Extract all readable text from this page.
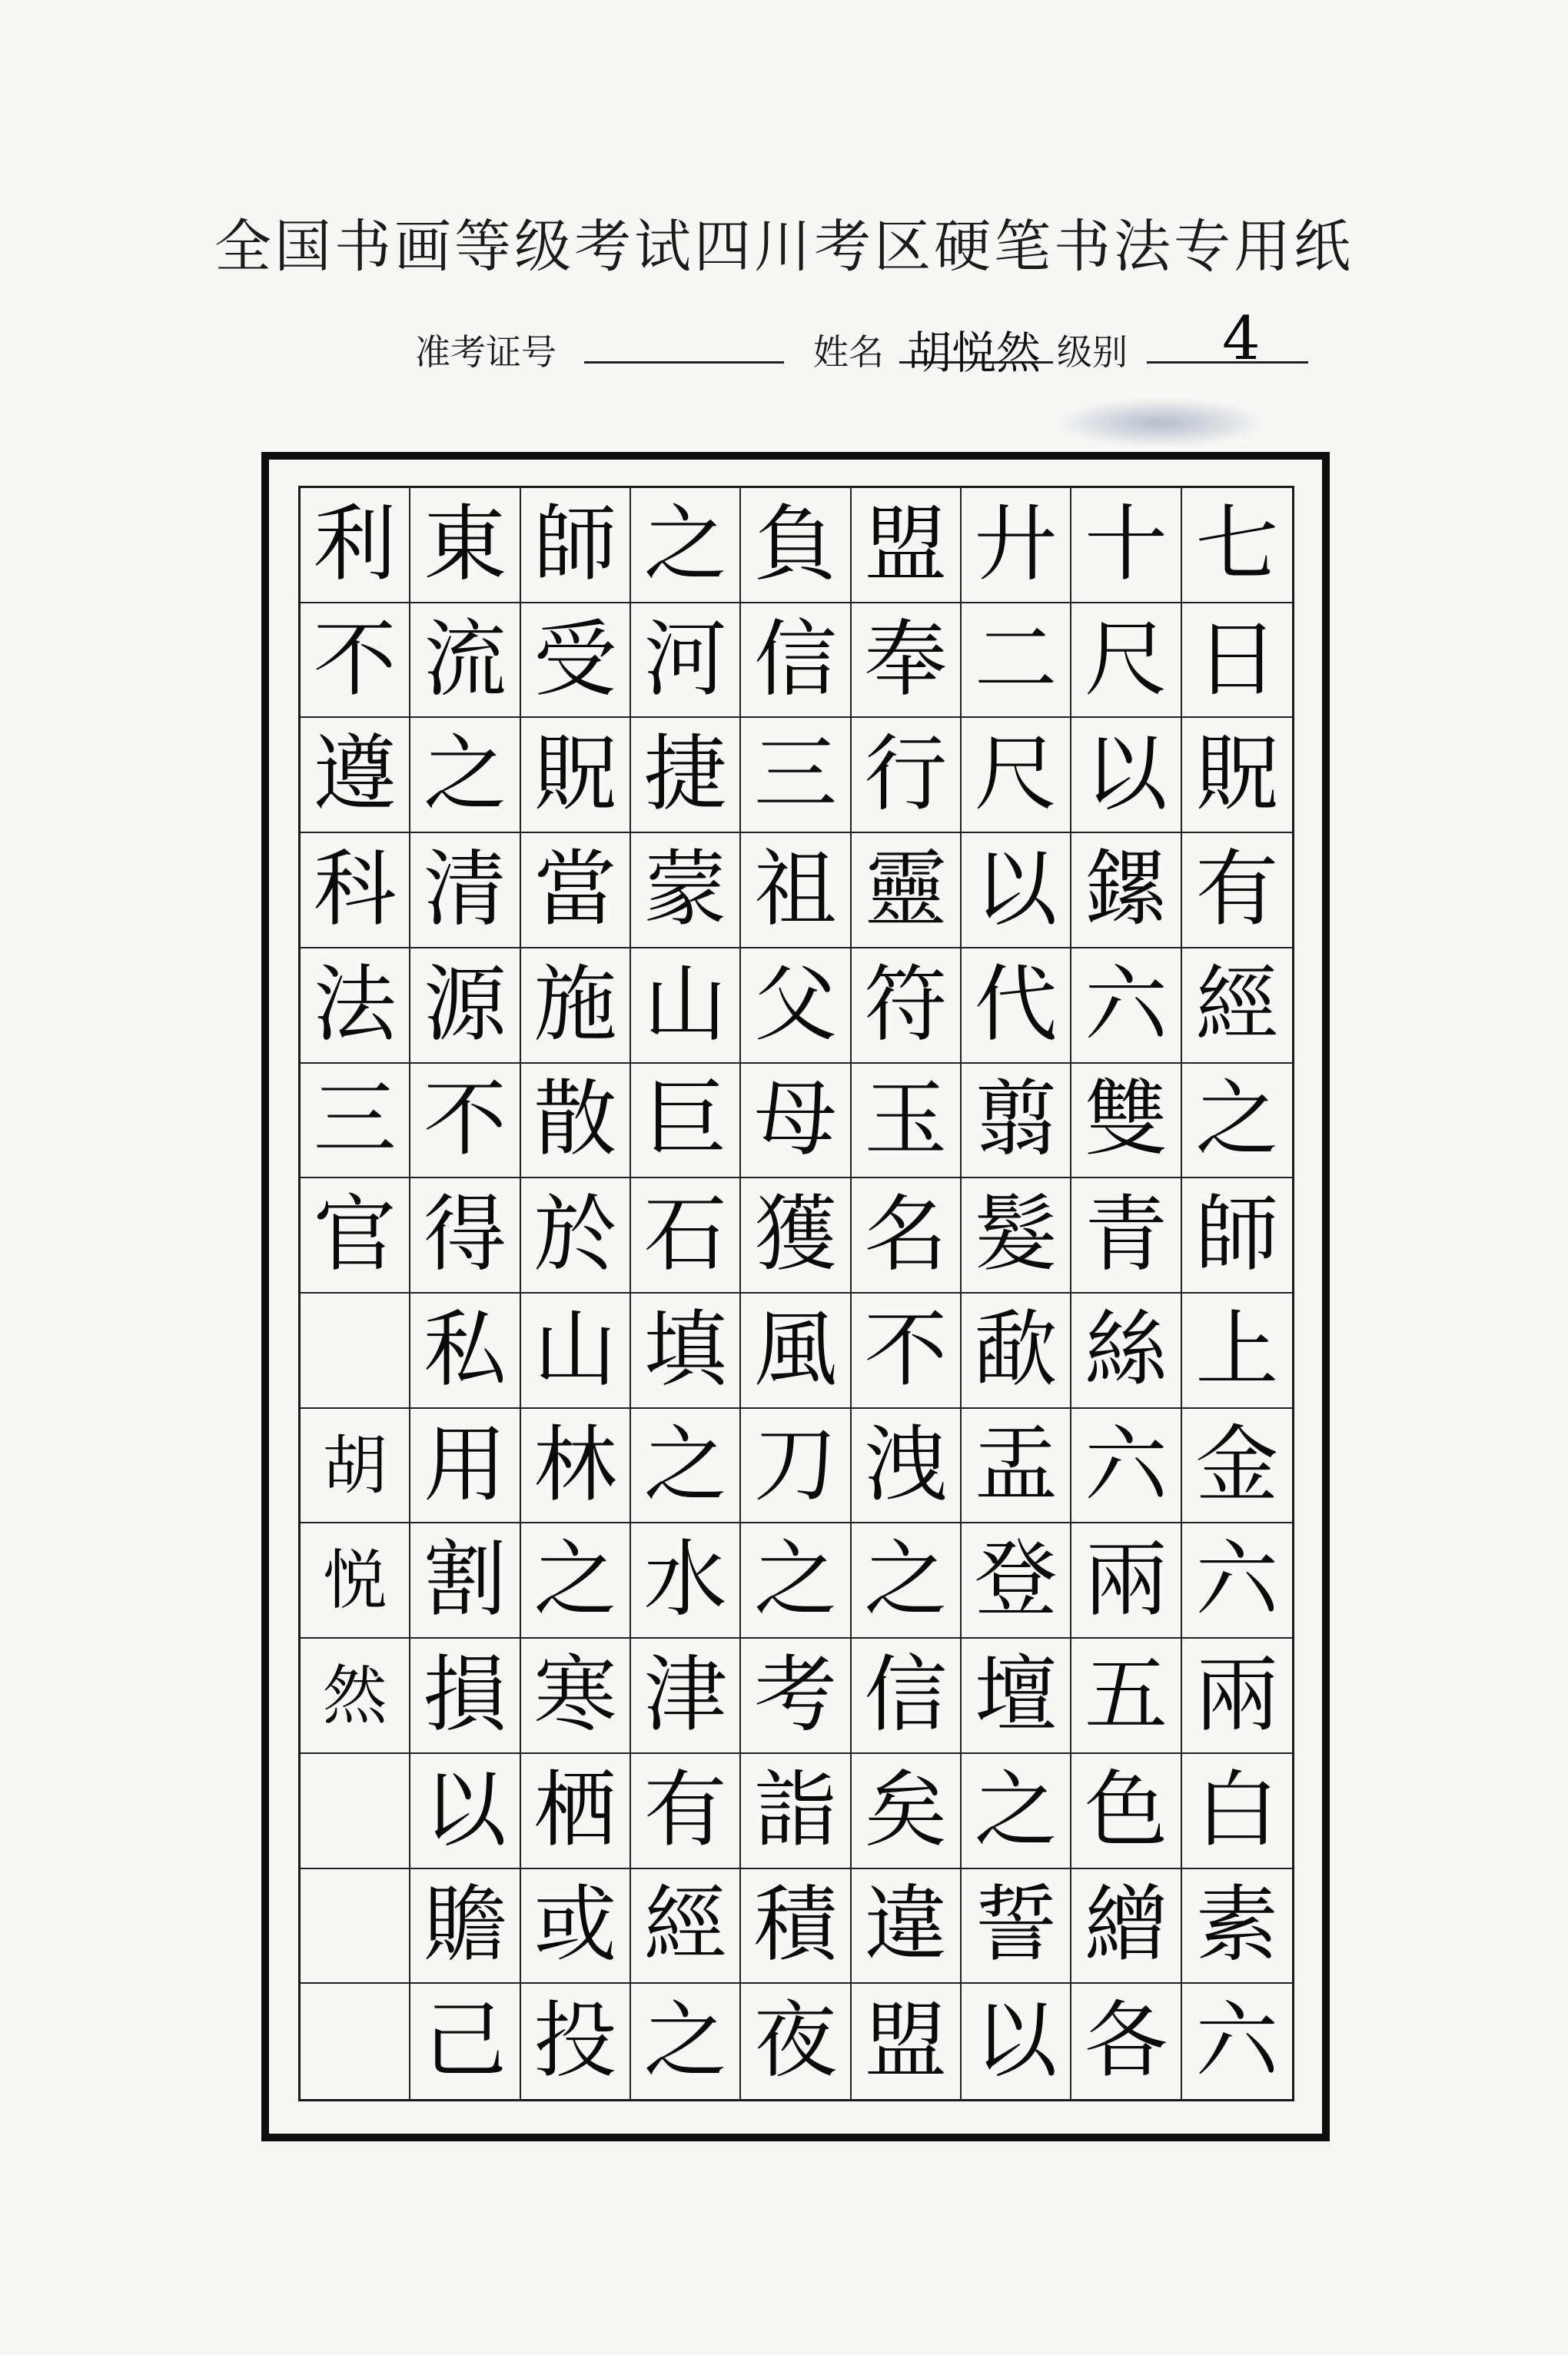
全国书画等级考试四川考区硬笔书法专用纸
准考证号	姓名 胡悦然 级别 4
利 東 師 之 負 盟 廾 十 七
不 流 受 河 信 奉 二 尺 日
遵 之 貺 捷 三 行 尺 以 貺
科 清 當 蒙 祖 靈 以 鏍 有
法 源 施 山 父 符 代 六 經
三 不 散 巨 母 玉 翦 雙 之
官 得 於 石 獲 名 髮 青 師
私 山 填 風 不 歃 絲 上
胡 用 林 之 刀 洩 盂 六 金
悦 割 之 水 之 之 登 兩 六
然 損 寒 津 考 信 壇 五 兩
以 栖 有 詣 矣 之 色 白
贍 或 經 積 違 誓 繒 素
己 投 之 夜 盟 以 各 六
